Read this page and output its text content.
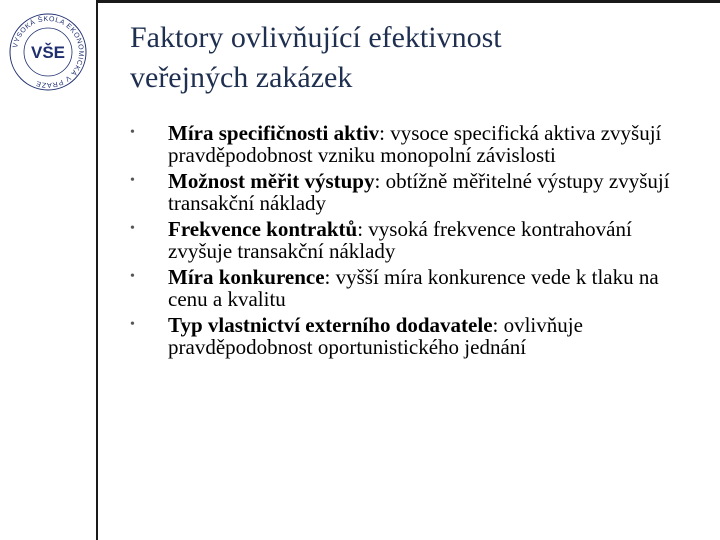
VYSOKÁ ŠKOLA EKONOMICKÁ V PRAZE
VŠE Faktory ovlivňující efektivnost
veřejných zakázek
• Míra specifičnosti aktiv: vysoce specifická aktiva zvyšují pravděpodobnost vzniku monopolní závislosti
• Možnost měřit výstupy: obtížně měřitelné výstupy zvyšují transakční náklady
• Frekvence kontraktů: vysoká frekvence kontrahování zvyšuje transakční náklady
• Míra konkurence: vyšší míra konkurence vede k tlaku na cenu a kvalitu
• Typ vlastnictví externího dodavatele: ovlivňuje pravděpodobnost oportunistického jednání
